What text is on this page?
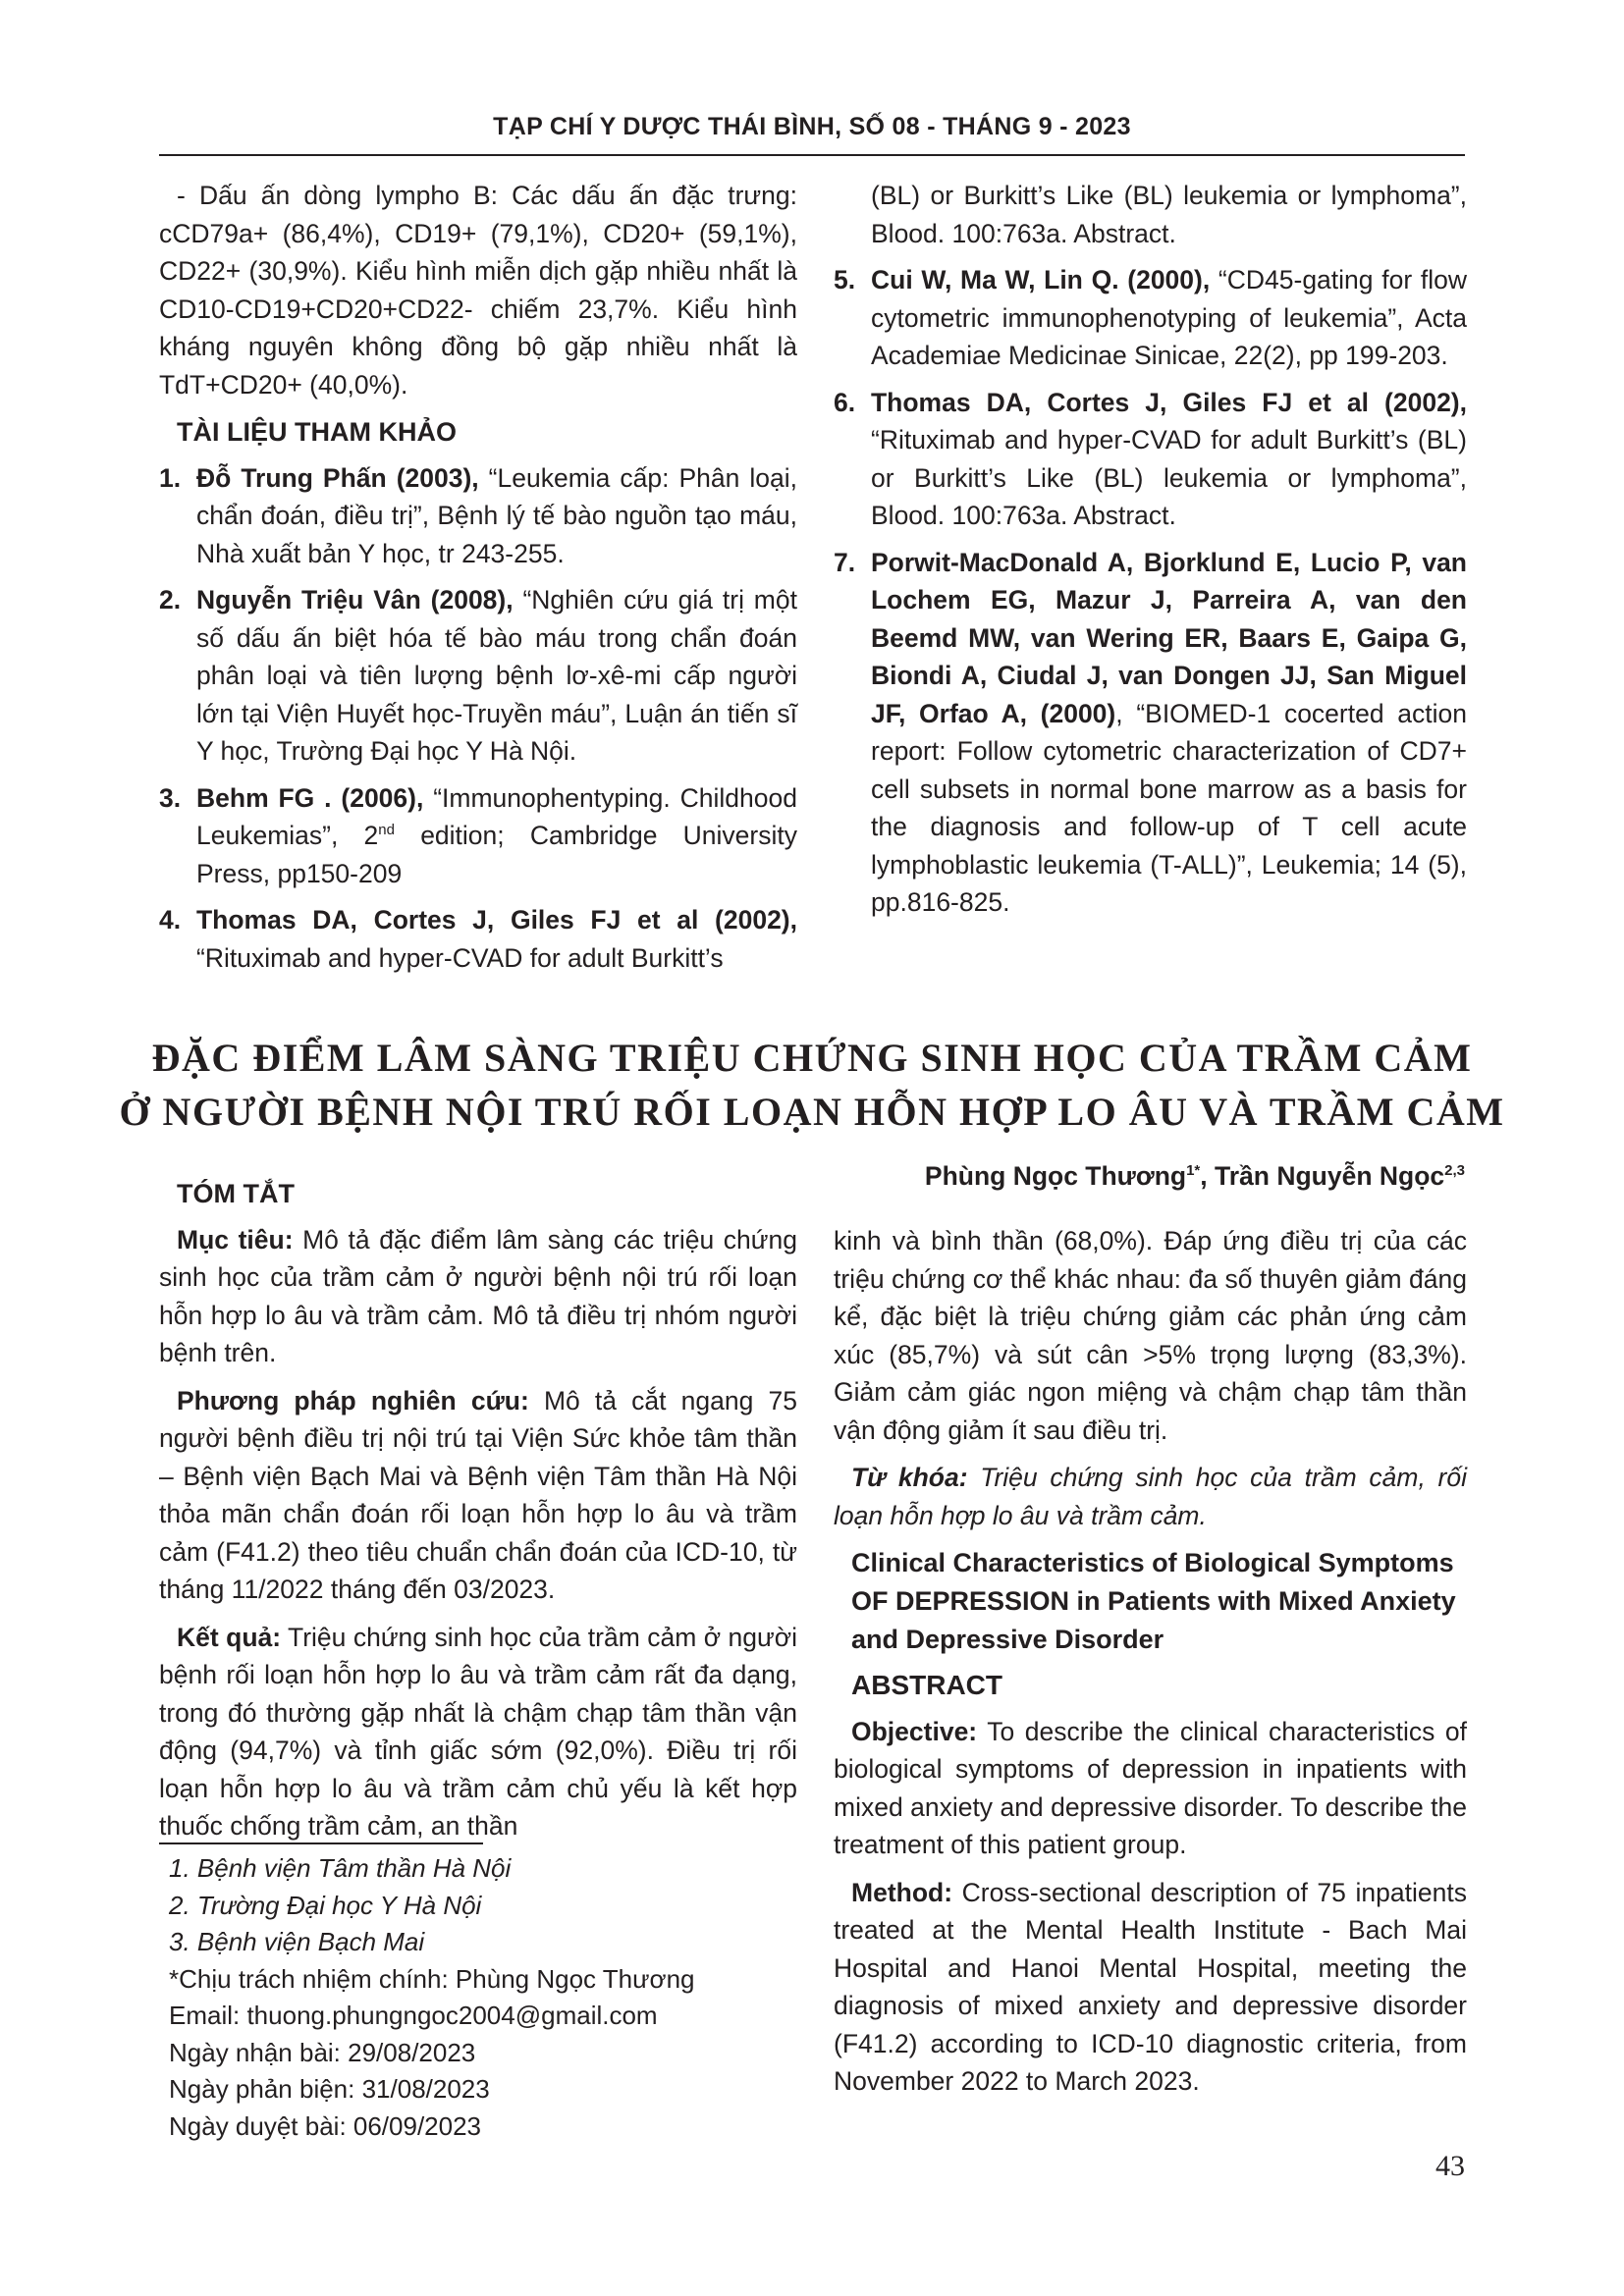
TẠP CHÍ Y DƯỢC THÁI BÌNH, SỐ 08 - THÁNG 9 - 2023

- Dấu ấn dòng lympho B: Các dấu ấn đặc trưng: cCD79a+ (86,4%), CD19+ (79,1%), CD20+ (59,1%), CD22+ (30,9%). Kiểu hình miễn dịch gặp nhiều nhất là CD10-CD19+CD20+CD22- chiếm 23,7%. Kiểu hình kháng nguyên không đồng bộ gặp nhiều nhất là TdT+CD20+ (40,0%).

TÀI LIỆU THAM KHẢO
1. Đỗ Trung Phấn (2003), “Leukemia cấp: Phân loại, chẩn đoán, điều trị”, Bệnh lý tế bào nguồn tạo máu, Nhà xuất bản Y học, tr 243-255.
2. Nguyễn Triệu Vân (2008), “Nghiên cứu giá trị một số dấu ấn biệt hóa tế bào máu trong chẩn đoán phân loại và tiên lượng bệnh lơ-xê-mi cấp người lớn tại Viện Huyết học-Truyền máu”, Luận án tiến sĩ Y học, Trường Đại học Y Hà Nội.
3. Behm FG . (2006), “Immunophentyping. Childhood Leukemias”, 2nd edition; Cambridge University Press, pp150-209
4. Thomas DA, Cortes J, Giles FJ et al (2002), “Rituximab and hyper-CVAD for adult Burkitt’s
(BL) or Burkitt’s Like (BL) leukemia or lymphoma”, Blood. 100:763a. Abstract.
5. Cui W, Ma W, Lin Q. (2000), “CD45-gating for flow cytometric immunophenotyping of leukemia”, Acta Academiae Medicinae Sinicae, 22(2), pp 199-203.
6. Thomas DA, Cortes J, Giles FJ et al (2002), “Rituximab and hyper-CVAD for adult Burkitt’s (BL) or Burkitt’s Like (BL) leukemia or lymphoma”, Blood. 100:763a. Abstract.
7. Porwit-MacDonald A, Bjorklund E, Lucio P, van Lochem EG, Mazur J, Parreira A, van den Beemd MW, van Wering ER, Baars E, Gaipa G, Biondi A, Ciudal J, van Dongen JJ, San Miguel JF, Orfao A, (2000), “BIOMED-1 cocerted action report: Follow cytometric characterization of CD7+ cell subsets in normal bone marrow as a basis for the diagnosis and follow-up of T cell acute lymphoblastic leukemia (T-ALL)”, Leukemia; 14 (5), pp.816-825.
ĐẶC ĐIỂM LÂM SÀNG TRIỆU CHỨNG SINH HỌC CỦA TRẦM CẢM
Ở NGƯỜI BỆNH NỘI TRÚ RỐI LOẠN HỖN HỢP LO ÂU VÀ TRẦM CẢM
Phùng Ngọc Thương$^{1*}$, Trần Nguyễn Ngọc$^{2,3}$
TÓM TẮT

Mục tiêu: Mô tả đặc điểm lâm sàng các triệu chứng sinh học của trầm cảm ở người bệnh nội trú rối loạn hỗn hợp lo âu và trầm cảm. Mô tả điều trị nhóm người bệnh trên.

Phương pháp nghiên cứu: Mô tả cắt ngang 75 người bệnh điều trị nội trú tại Viện Sức khỏe tâm thần – Bệnh viện Bạch Mai và Bệnh viện Tâm thần Hà Nội thỏa mãn chẩn đoán rối loạn hỗn hợp lo âu và trầm cảm (F41.2) theo tiêu chuẩn chẩn đoán của ICD-10, từ tháng 11/2022 tháng đến 03/2023.

Kết quả: Triệu chứng sinh học của trầm cảm ở người bệnh rối loạn hỗn hợp lo âu và trầm cảm rất đa dạng, trong đó thường gặp nhất là chậm chạp tâm thần vận động (94,7%) và tỉnh giấc sớm (92,0%). Điều trị rối loạn hỗn hợp lo âu và trầm cảm chủ yếu là kết hợp thuốc chống trầm cảm, an thần

1. Bệnh viện Tâm thần Hà Nội
2. Trường Đại học Y Hà Nội
3. Bệnh viện Bạch Mai
*Chịu trách nhiệm chính: Phùng Ngọc Thương
Email: thuong.phungngoc2004@gmail.com
Ngày nhận bài: 29/08/2023
Ngày phản biện: 31/08/2023
Ngày duyệt bài: 06/09/2023

kinh và bình thần (68,0%). Đáp ứng điều trị của các triệu chứng cơ thể khác nhau: đa số thuyên giảm đáng kể, đặc biệt là triệu chứng giảm các phản ứng cảm xúc (85,7%) và sút cân >5% trọng lượng (83,3%). Giảm cảm giác ngon miệng và chậm chạp tâm thần vận động giảm ít sau điều trị.

Từ khóa: Triệu chứng sinh học của trầm cảm, rối loạn hỗn hợp lo âu và trầm cảm.

Clinical Characteristics of Biological Symptoms OF DEPRESSION in Patients with Mixed Anxiety and Depressive Disorder

ABSTRACT

Objective: To describe the clinical characteristics of biological symptoms of depression in inpatients with mixed anxiety and depressive disorder. To describe the treatment of this patient group.

Method: Cross-sectional description of 75 inpatients treated at the Mental Health Institute - Bach Mai Hospital and Hanoi Mental Hospital, meeting the diagnosis of mixed anxiety and depressive disorder (F41.2) according to ICD-10 diagnostic criteria, from November 2022 to March 2023.

43
